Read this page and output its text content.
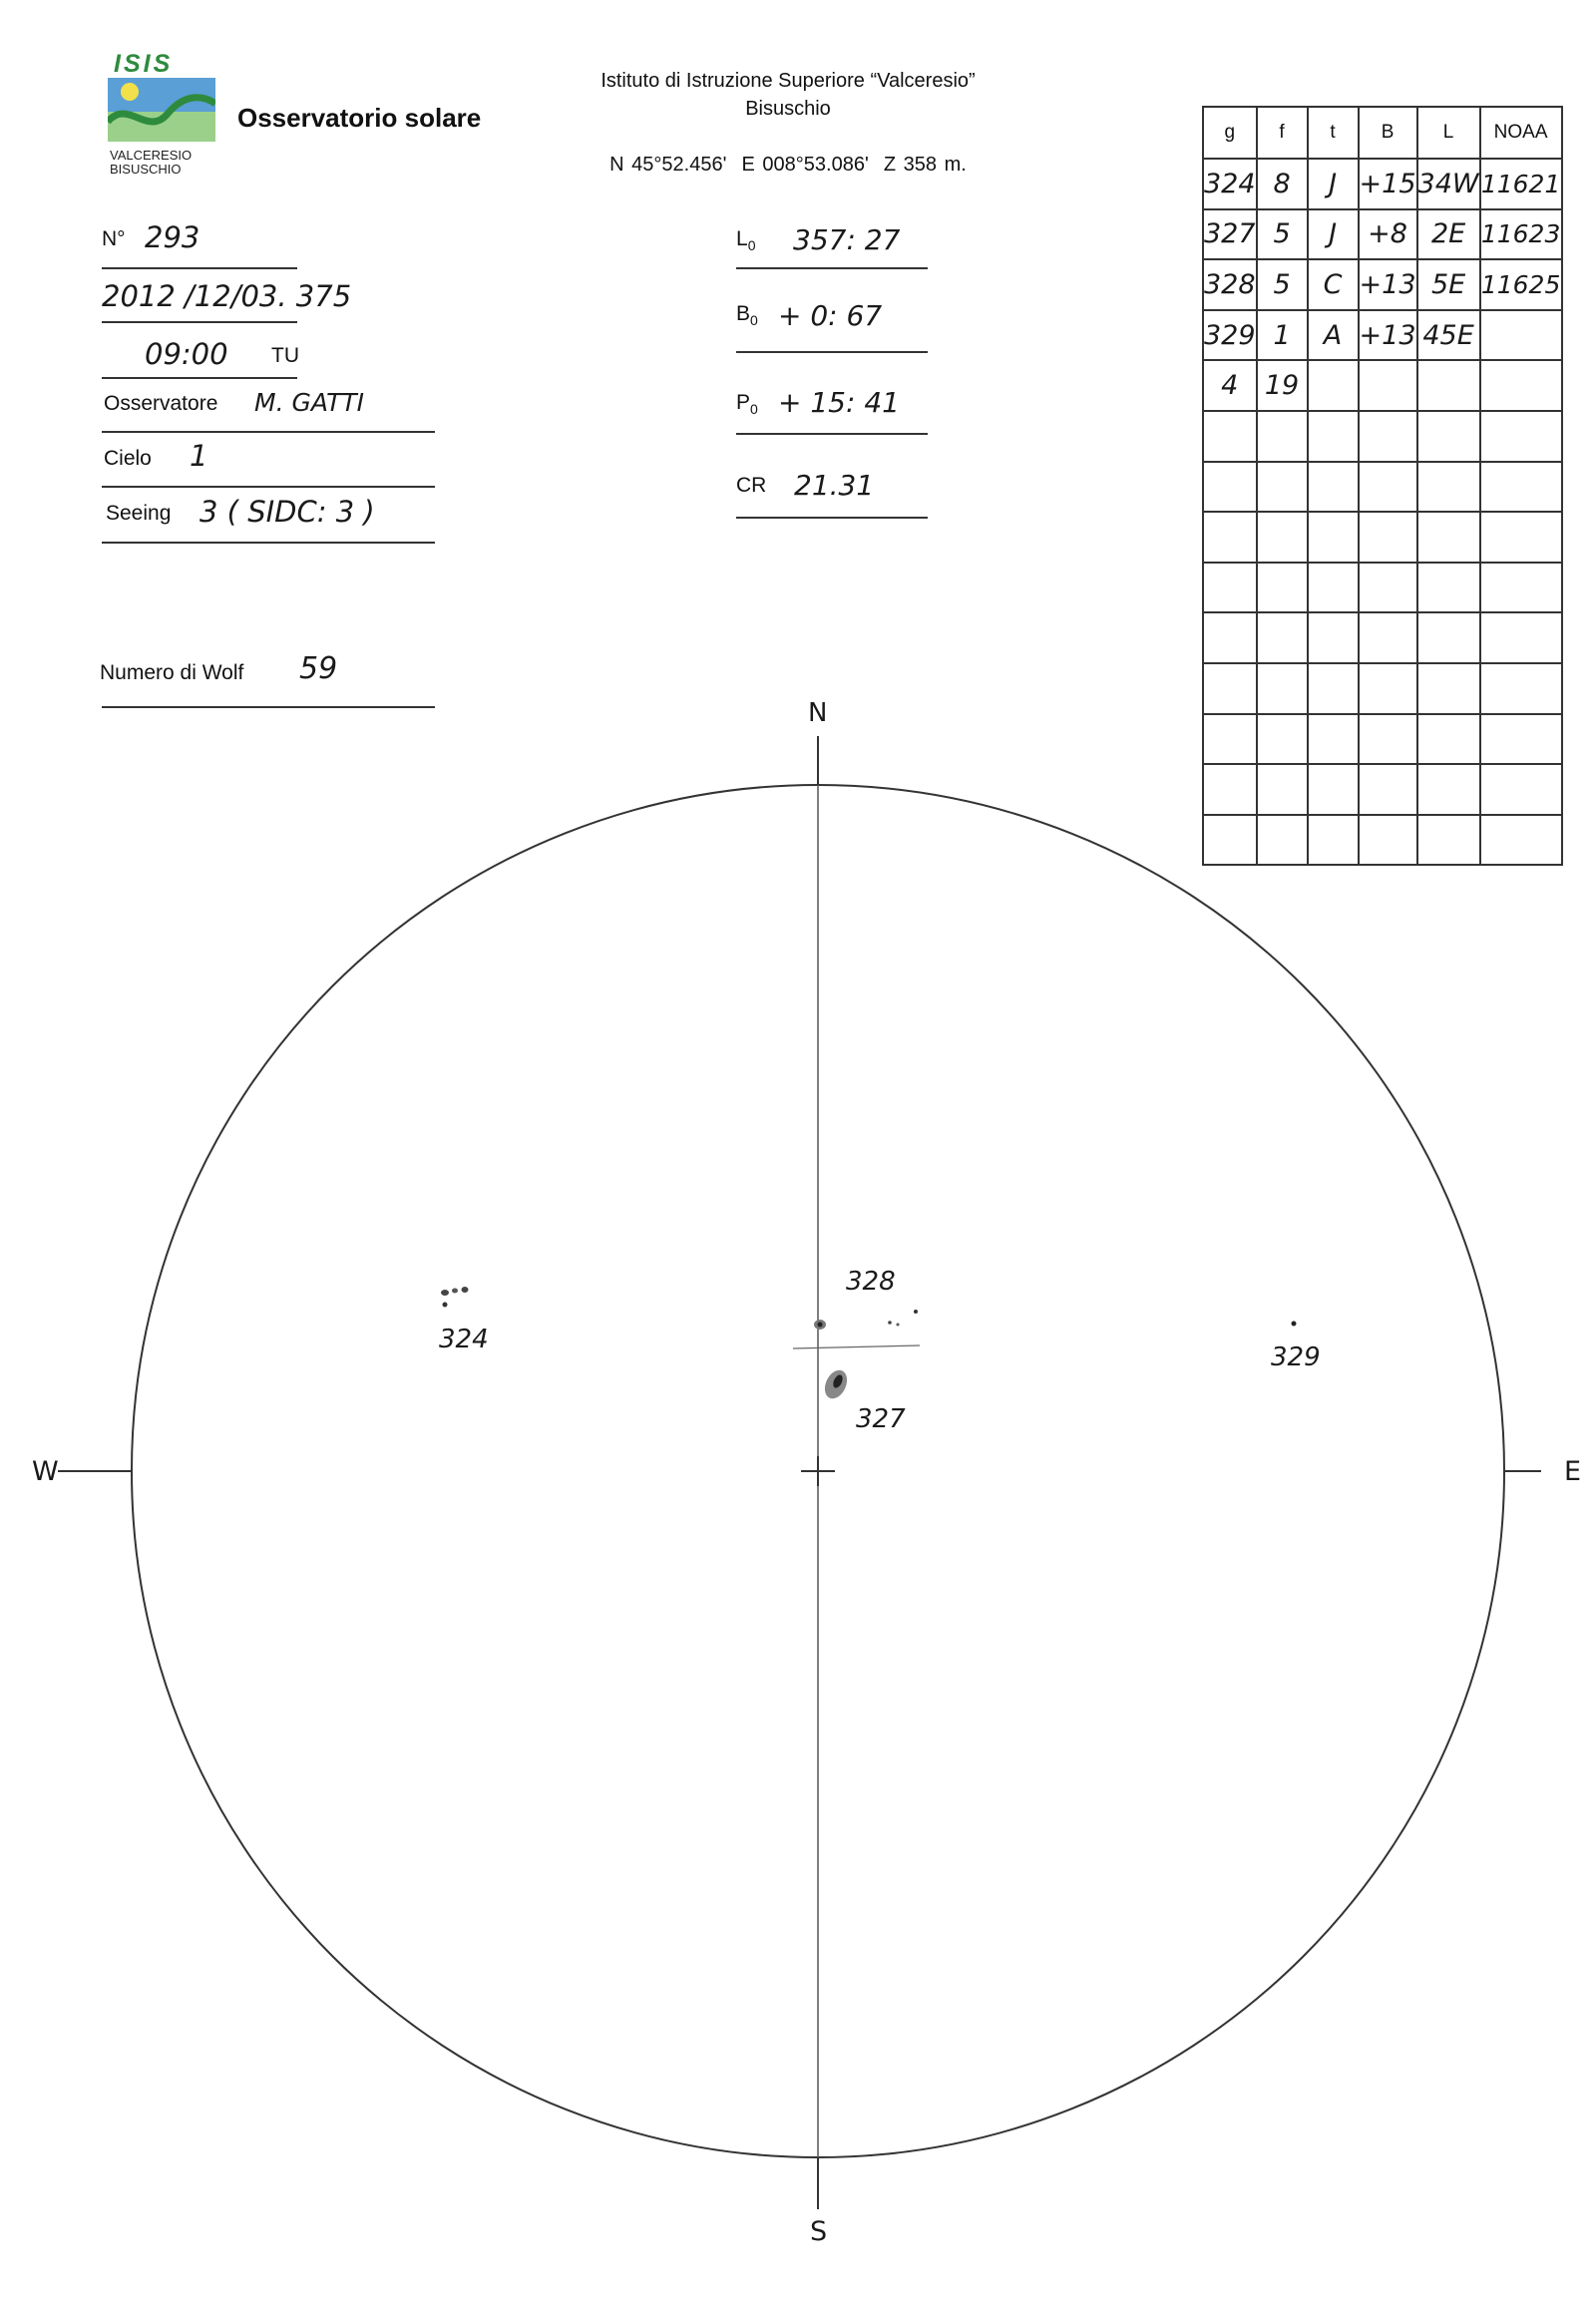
ISIS
VALCERESIO
BISUSCHIO
Osservatorio solare
Istituto di Istruzione Superiore “Valceresio”
Bisuschio
N 45°52.456'  E 008°53.086'  Z 358 m.
N° 293
2012 /12/03. 375
09:00 TU
Osservatore M. GATTI
Cielo 1
Seeing 3 ( SIDC: 3 )
Numero di Wolf 59
$L_0$ 357: 27
$B_0 + 0$: 67
$P_0 + 15$: 41
CR 21.31
g	f	t	B	L	NOAA
324	8	J	+15	34W	11621
327	5	J	+8	2E	11623
328	5	C	+13	5E	11625
329	1	A	+13	45E	
4	19				

N
S
W	E
324
328
327
329
